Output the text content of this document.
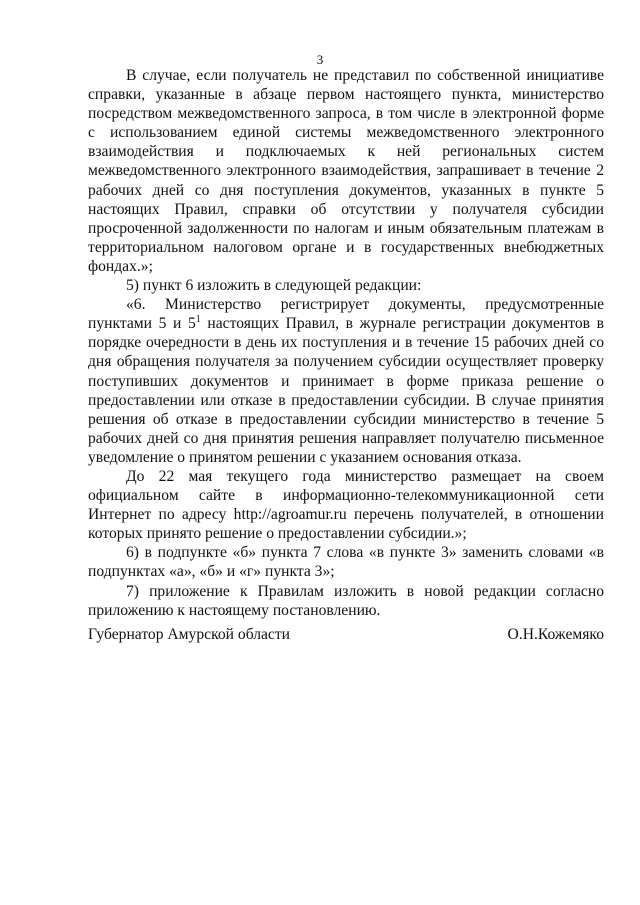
3

В случае, если получатель не представил по собственной инициативе справки, указанные в абзаце первом настоящего пункта, министерство посредством межведомственного запроса, в том числе в электронной форме с использованием единой системы межведомственного электронного взаимодействия и подключаемых к ней региональных систем межведомственного электронного взаимодействия, запрашивает в течение 2 рабочих дней со дня поступления документов, указанных в пункте 5 настоящих Правил, справки об отсутствии у получателя субсидии просроченной задолженности по налогам и иным обязательным платежам в территориальном налоговом органе и в государственных внебюджетных фондах.»;

5) пункт 6 изложить в следующей редакции:

«6. Министерство регистрирует документы, предусмотренные пунктами 5 и $5^1$ настоящих Правил, в журнале регистрации документов в порядке очередности в день их поступления и в течение 15 рабочих дней со дня обращения получателя за получением субсидии осуществляет проверку поступивших документов и принимает в форме приказа решение о предоставлении или отказе в предоставлении субсидии. В случае принятия решения об отказе в предоставлении субсидии министерство в течение 5 рабочих дней со дня принятия решения направляет получателю письменное уведомление о принятом решении с указанием основания отказа.

До 22 мая текущего года министерство размещает на своем официальном сайте в информационно-телекоммуникационной сети Интернет по адресу http://agroamur.ru перечень получателей, в отношении которых принято решение о предоставлении субсидии.»;

6) в подпункте «б» пункта 7 слова «в пункте 3» заменить словами «в подпунктах «а», «б» и «г» пункта 3»;

7) приложение к Правилам изложить в новой редакции согласно приложению к настоящему постановлению.

Губернатор Амурской области	О.Н.Кожемяко
